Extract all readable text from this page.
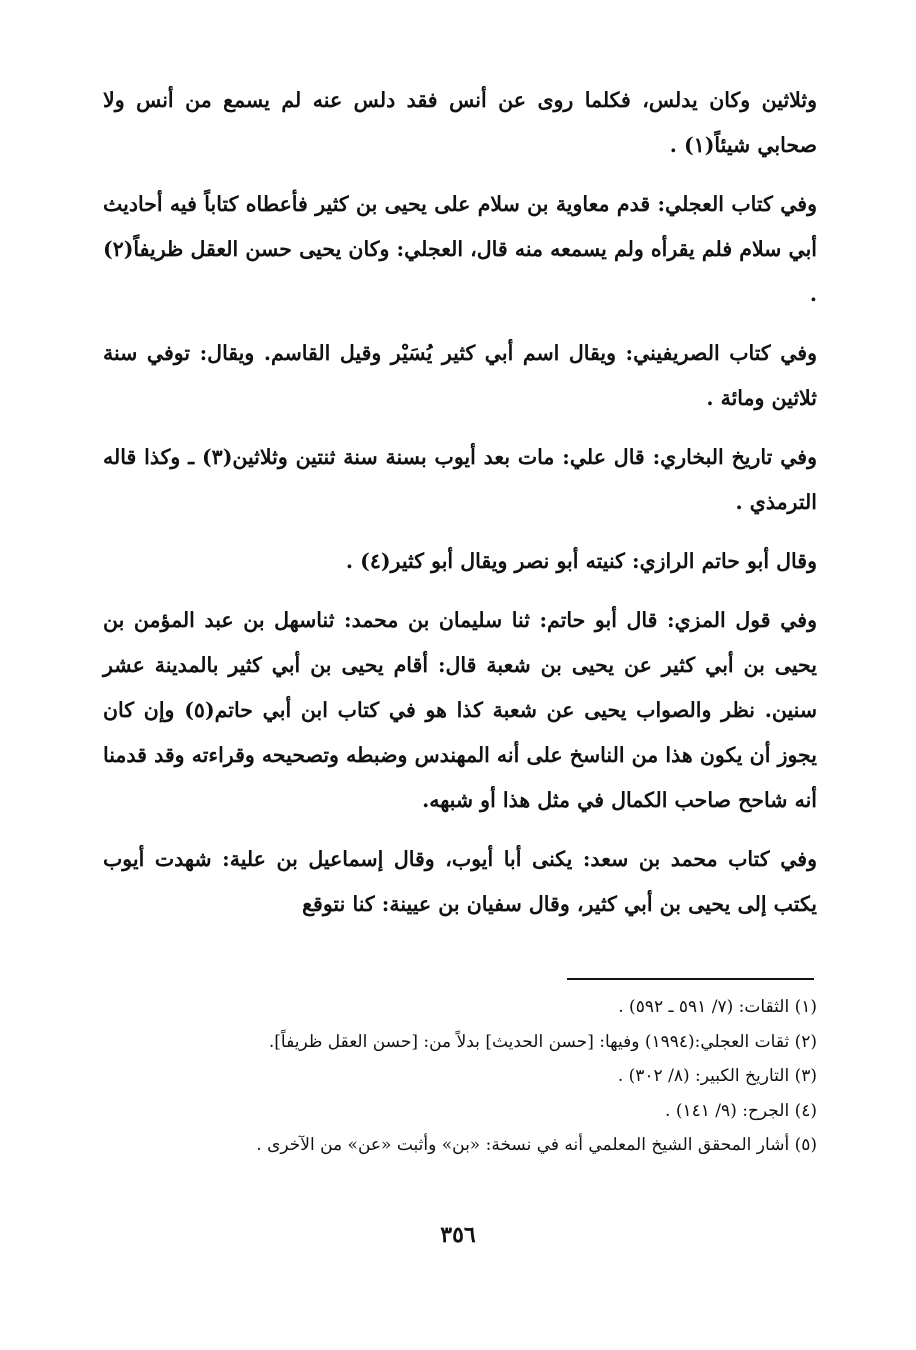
وثلاثين وكان يدلس، فكلما روى عن أنس فقد دلس عنه لم يسمع من أنس ولا صحابي شيئاً(١) .

وفي كتاب العجلي: قدم معاوية بن سلام على يحيى بن كثير فأعطاه كتاباً فيه أحاديث أبي سلام فلم يقرأه ولم يسمعه منه قال، العجلي: وكان يحيى حسن العقل ظريفاً(٢) .

وفي كتاب الصريفيني: ويقال اسم أبي كثير يُسَيْر وقيل القاسم. ويقال: توفي سنة ثلاثين ومائة .

وفي تاريخ البخاري: قال علي: مات بعد أيوب بسنة سنة ثنتين وثلاثين(٣) ـ وكذا قاله الترمذي .

وقال أبو حاتم الرازي: كنيته أبو نصر ويقال أبو كثير(٤) .

وفي قول المزي: قال أبو حاتم: ثنا سليمان بن محمد: ثناسهل بن عبد المؤمن بن يحيى بن أبي كثير عن يحيى بن شعبة قال: أقام يحيى بن أبي كثير بالمدينة عشر سنين. نظر والصواب يحيى عن شعبة كذا هو في كتاب ابن أبي حاتم(٥) وإن كان يجوز أن يكون هذا من الناسخ على أنه المهندس وضبطه وتصحيحه وقراءته وقد قدمنا أنه شاحح صاحب الكمال في مثل هذا أو شبهه.

وفي كتاب محمد بن سعد: يكنى أبا أيوب، وقال إسماعيل بن علية: شهدت أيوب يكتب إلى يحيى بن أبي كثير، وقال سفيان بن عيينة: كنا نتوقع

(١) الثقات: (٧/ ٥٩١ ـ ٥٩٢) .

(٢) ثقات العجلي:(١٩٩٤) وفيها: [حسن الحديث] بدلاً من: [حسن العقل ظريفاً].

(٣) التاريخ الكبير: (٨/ ٣٠٢) .

(٤) الجرح: (٩/ ١٤١) .

(٥) أشار المحقق الشيخ المعلمي أنه في نسخة: «بن» وأثبت «عن» من الآخرى .

٣٥٦
